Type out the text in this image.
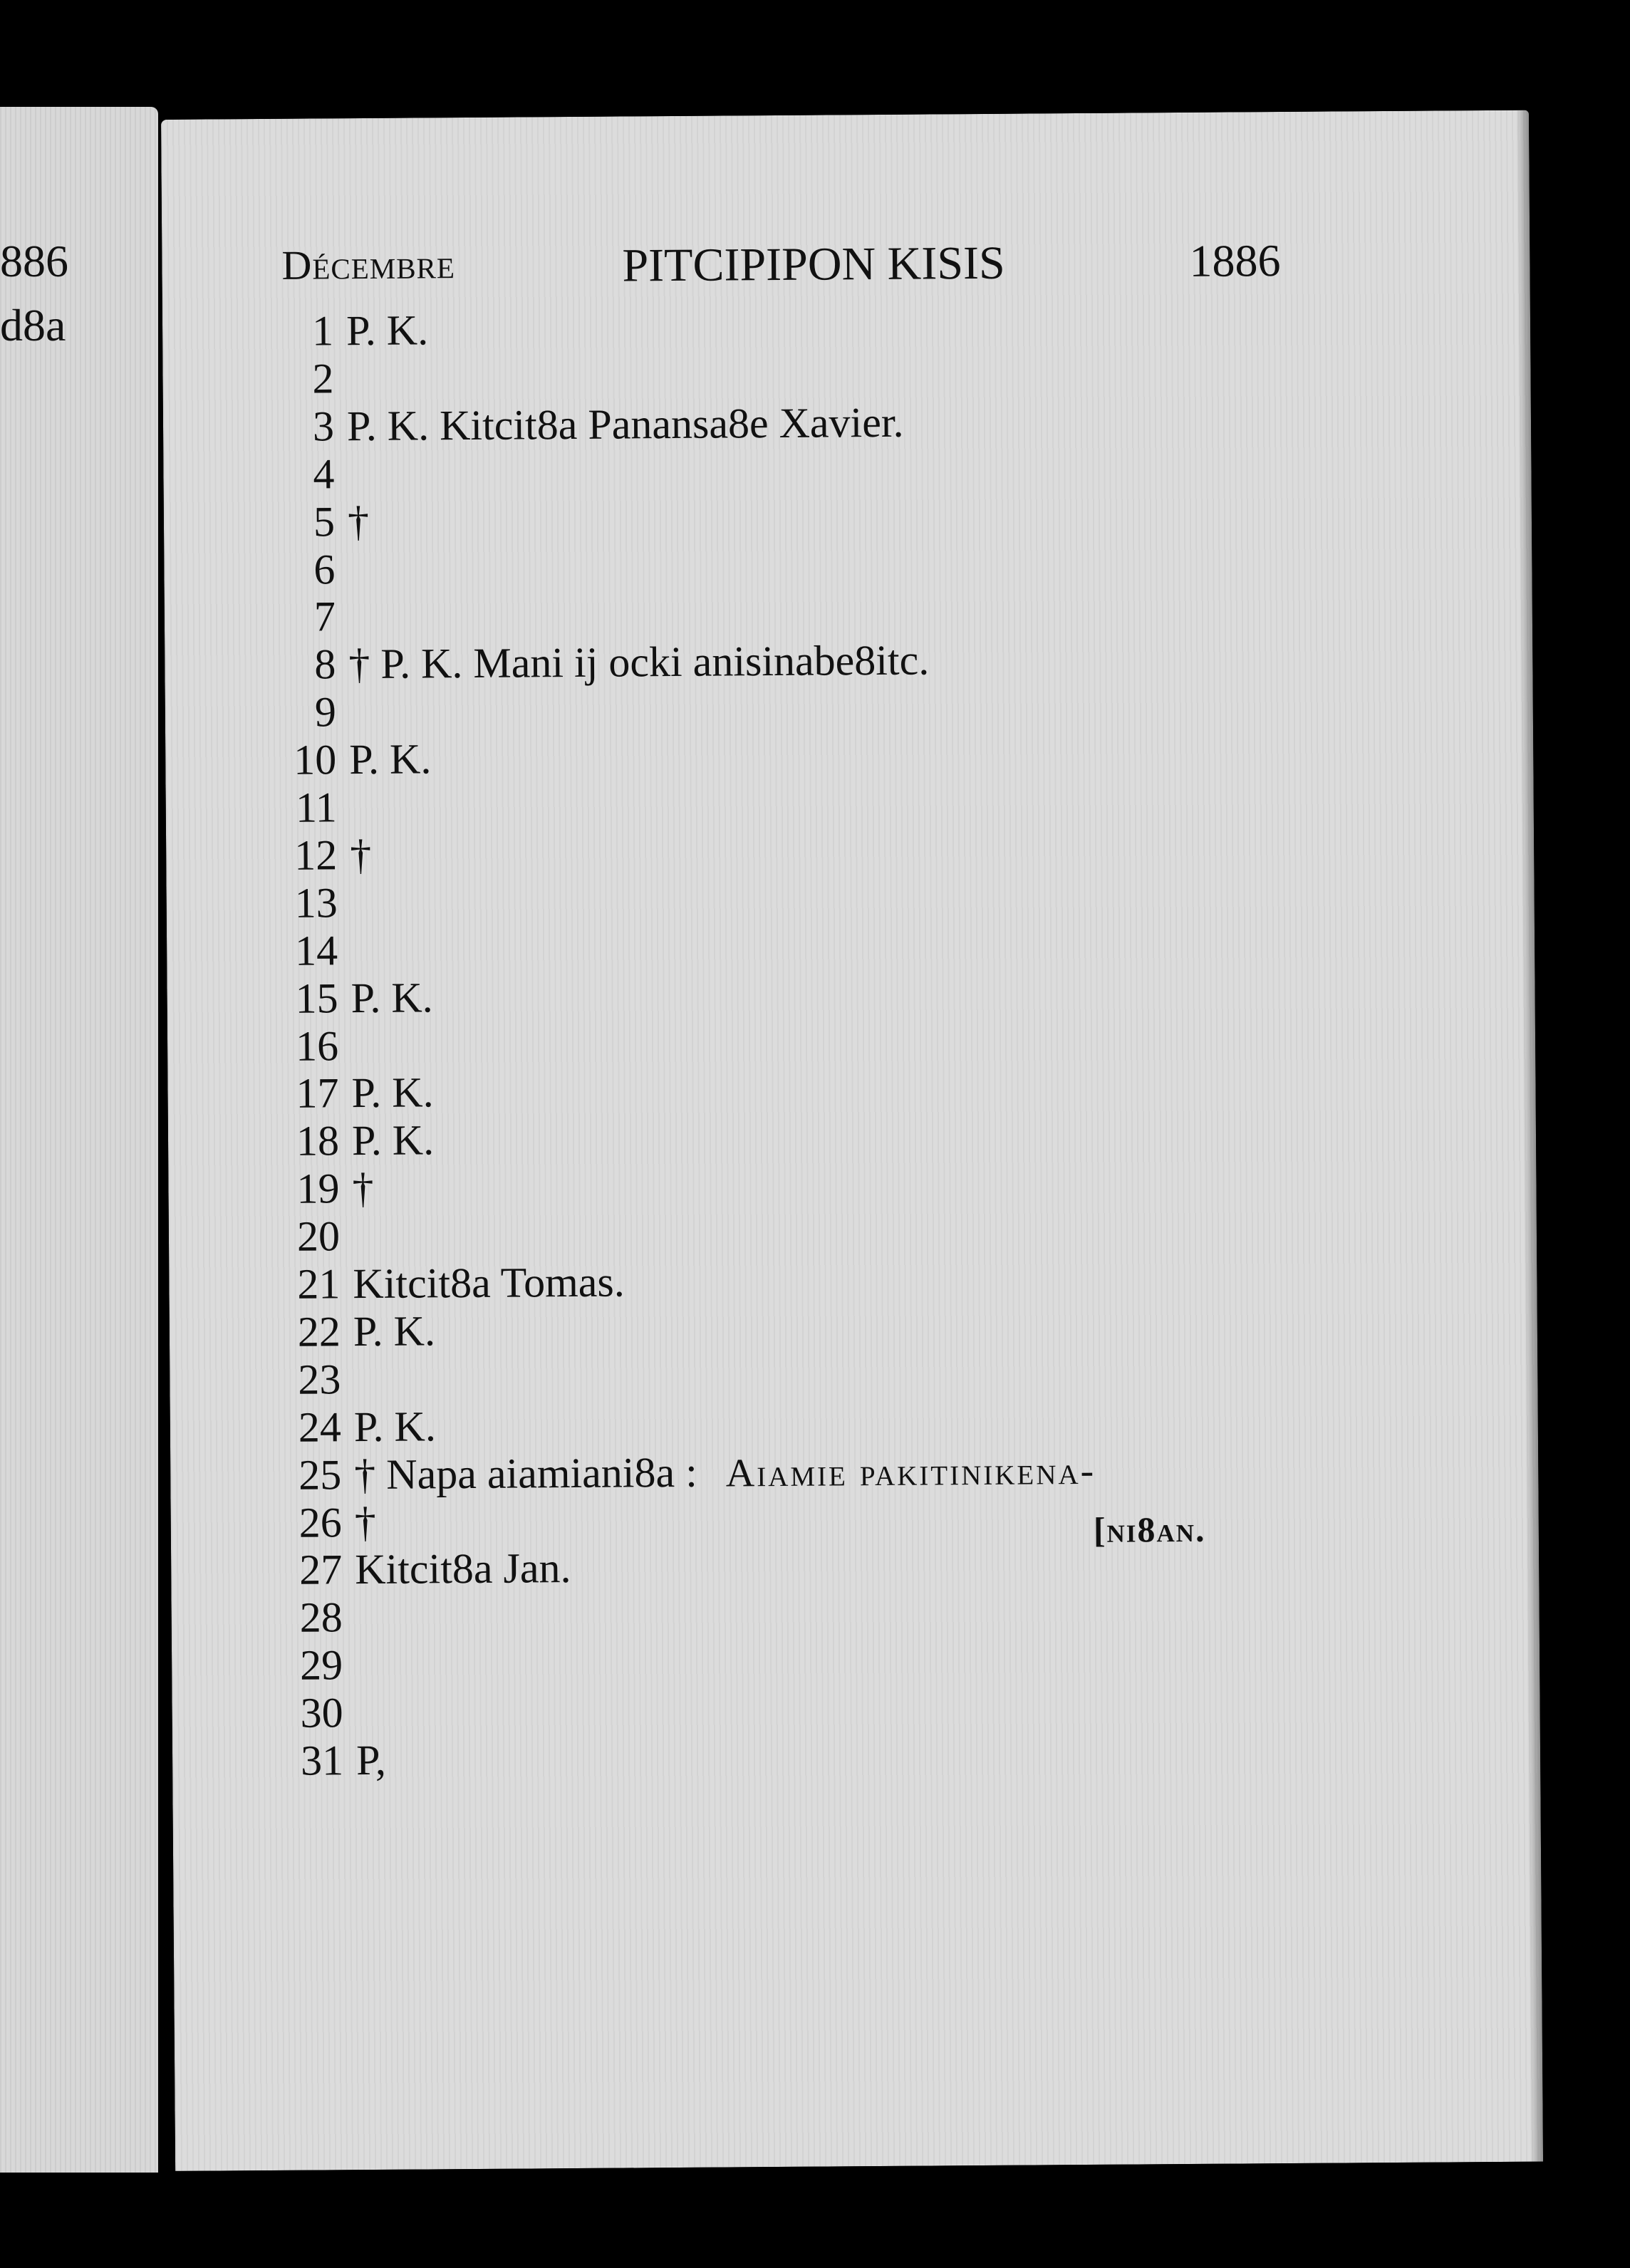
886
d8a
Décembre	PITCIPIPON KISIS	1886
1 P. K.
2
3 P. K. Kitcit8a Panansa8e Xavier.
4
5 †
6
7
8 † P. K. Mani ij ocki anisinabe8itc.
9
10 P. K.
11
12 †
13
14
15 P. K.
16
17 P. K.
18 P. K.
19 †
20
21 Kitcit8a Tomas.
22 P. K.
23
24 P. K.
25 † Napa aiamiani8a : Aiamie pakitinikena-
26 †
27 Kitcit8a Jan.
28
29
30
31 P,
[ni8an.
